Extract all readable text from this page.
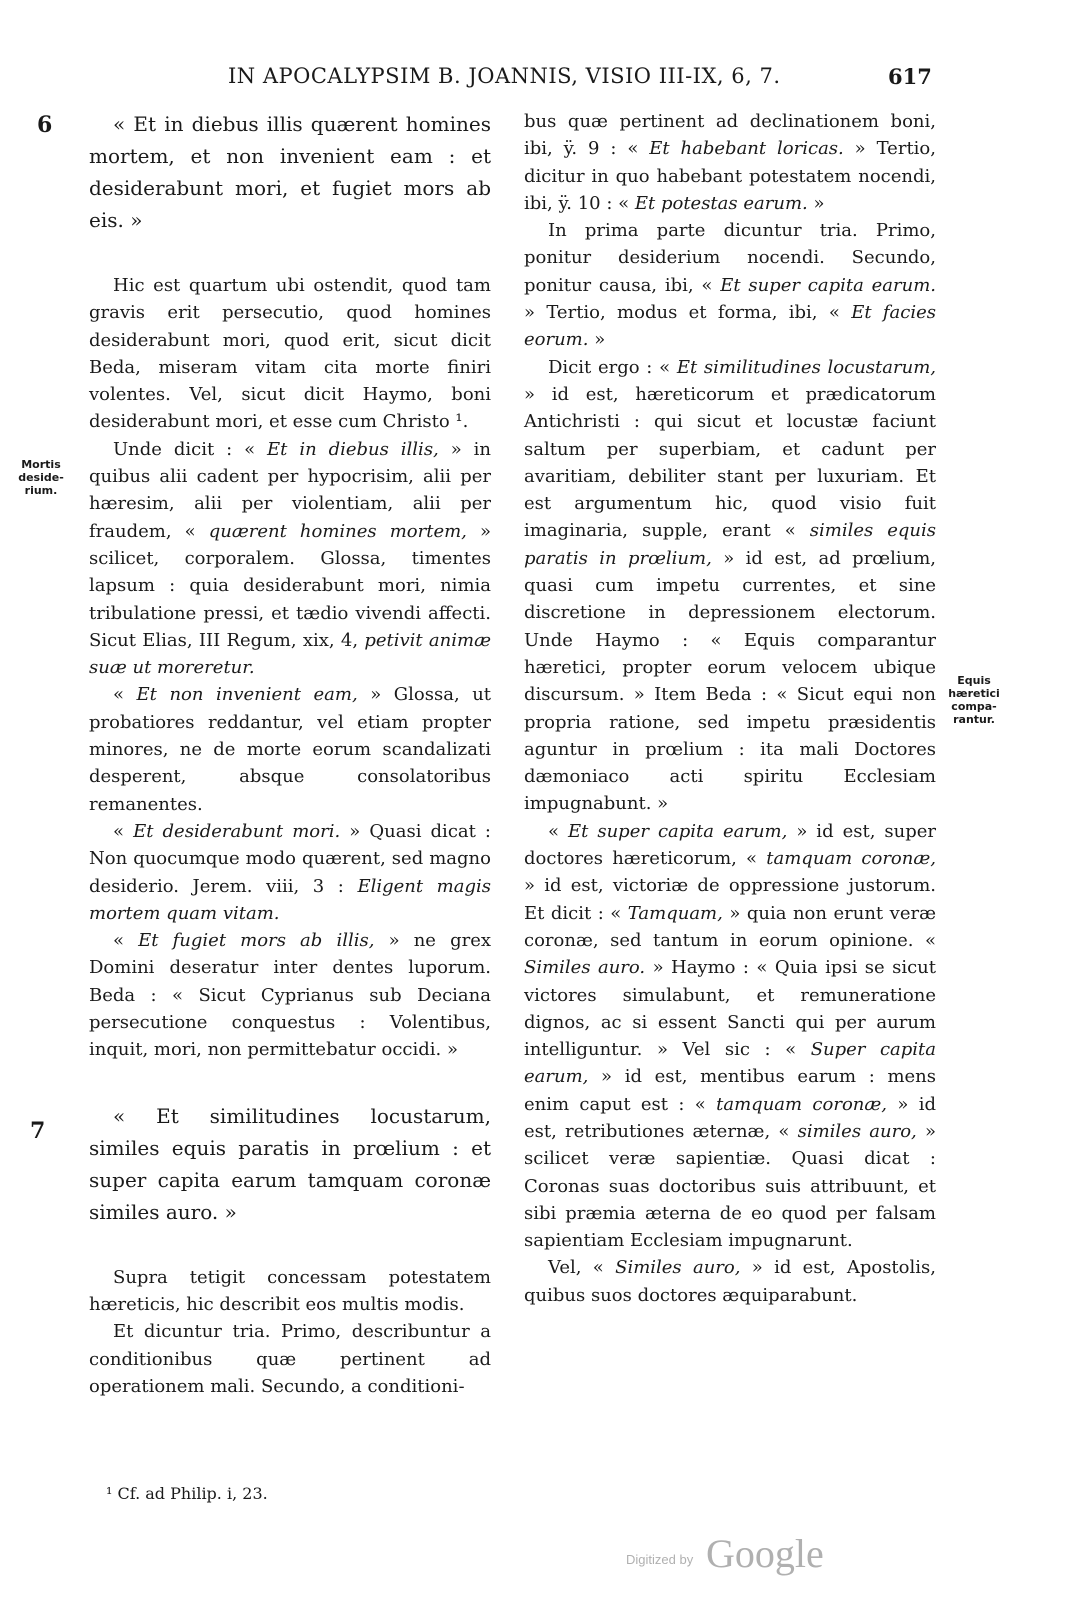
IN APOCALYPSIM B. JOANNIS, VISIO III-IX, 6, 7.	617
6
7
Mortis
deside-
rium.
Equis
hæretici
compa-
rantur.

« Et in diebus illis quærent homines mortem, et non invenient eam : et desiderabunt mori, et fugiet mors ab eis. »

Hic est quartum ubi ostendit, quod tam gravis erit persecutio, quod homines desiderabunt mori, quod erit, sicut dicit Beda, miseram vitam cita morte finiri volentes. Vel, sicut dicit Haymo, boni desiderabunt mori, et esse cum Christo ¹.

Unde dicit : « Et in diebus illis, » in quibus alii cadent per hypocrisim, alii per hæresim, alii per violentiam, alii per fraudem, « quærent homines mortem, » scilicet, corporalem. Glossa, timentes lapsum : quia desiderabunt mori, nimia tribulatione pressi, et tædio vivendi affecti. Sicut Elias, III Regum, xix, 4, petivit animæ suæ ut moreretur.

« Et non invenient eam, » Glossa, ut probatiores reddantur, vel etiam propter minores, ne de morte eorum scandalizati desperent, absque consolatoribus remanentes.

« Et desiderabunt mori. » Quasi dicat : Non quocumque modo quærent, sed magno desiderio. Jerem. viii, 3 : Eligent magis mortem quam vitam.

« Et fugiet mors ab illis, » ne grex Domini deseratur inter dentes luporum. Beda : « Sicut Cyprianus sub Deciana persecutione conquestus : Volentibus, inquit, mori, non permittebatur occidi. »

« Et similitudines locustarum, similes equis paratis in prœlium : et super capita earum tamquam coronæ similes auro. »

Supra tetigit concessam potestatem hæreticis, hic describit eos multis modis.

Et dicuntur tria. Primo, describuntur a conditionibus quæ pertinent ad operationem mali. Secundo, a conditioni-

bus quæ pertinent ad declinationem boni, ibi, ÿ. 9 : « Et habebant loricas. » Tertio, dicitur in quo habebant potestatem nocendi, ibi, ÿ. 10 : « Et potestas earum. »

In prima parte dicuntur tria. Primo, ponitur desiderium nocendi. Secundo, ponitur causa, ibi, « Et super capita earum. » Tertio, modus et forma, ibi, « Et facies eorum. »

Dicit ergo : « Et similitudines locustarum, » id est, hæreticorum et prædicatorum Antichristi : qui sicut et locustæ faciunt saltum per superbiam, et cadunt per avaritiam, debiliter stant per luxuriam. Et est argumentum hic, quod visio fuit imaginaria, supple, erant « similes equis paratis in prœlium, » id est, ad prœlium, quasi cum impetu currentes, et sine discretione in depressionem electorum. Unde Haymo : « Equis comparantur hæretici, propter eorum velocem ubique discursum. » Item Beda : « Sicut equi non propria ratione, sed impetu præsidentis aguntur in prœlium : ita mali Doctores dæmoniaco acti spiritu Ecclesiam impugnabunt. »

« Et super capita earum, » id est, super doctores hæreticorum, « tamquam coronæ, » id est, victoriæ de oppressione justorum. Et dicit : « Tamquam, » quia non erunt veræ coronæ, sed tantum in eorum opinione. « Similes auro. » Haymo : « Quia ipsi se sicut victores simulabunt, et remuneratione dignos, ac si essent Sancti qui per aurum intelliguntur. » Vel sic : « Super capita earum, » id est, mentibus earum : mens enim caput est : « tamquam coronæ, » id est, retributiones æternæ, « similes auro, » scilicet veræ sapientiæ. Quasi dicat : Coronas suas doctoribus suis attribuunt, et sibi præmia æterna de eo quod per falsam sapientiam Ecclesiam impugnarunt.

Vel, « Similes auro, » id est, Apostolis, quibus suos doctores æquiparabunt.

¹ Cf. ad Philip. i, 23.
Digitized by Google
